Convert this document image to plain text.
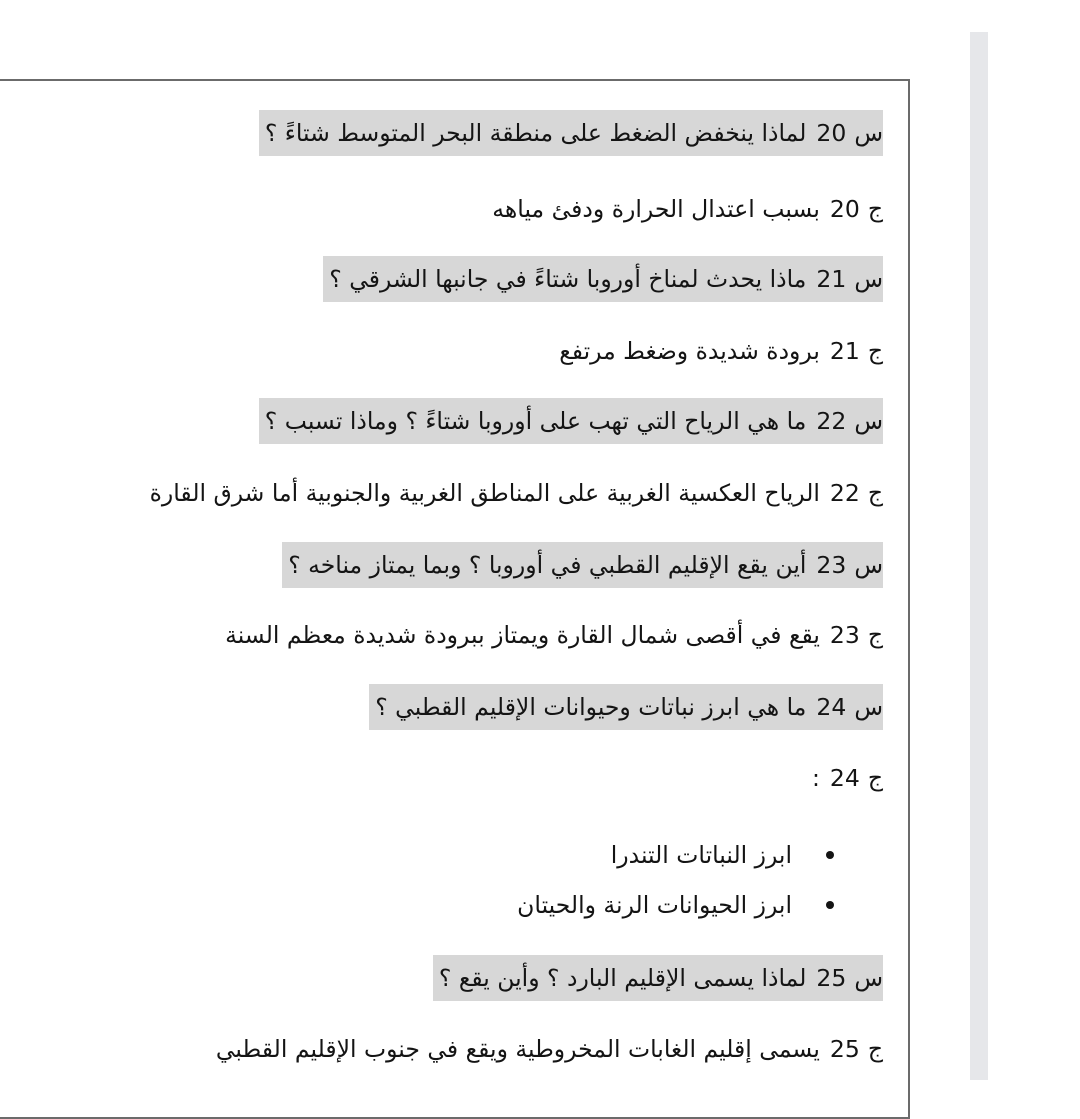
س20لماذا ينخفض الضغط على منطقة البحر المتوسط شتاءً ؟
ج20بسبب اعتدال الحرارة ودفئ مياهه
س21ماذا يحدث لمناخ أوروبا شتاءً في جانبها الشرقي ؟
ج21برودة شديدة وضغط مرتفع
س22ما هي الرياح التي تهب على أوروبا شتاءً ؟ وماذا تسبب ؟
ج22الرياح العكسية الغربية على المناطق الغربية والجنوبية أما شرق القارة
س23أين يقع الإقليم القطبي في أوروبا ؟ وبما يمتاز مناخه ؟
ج23يقع في أقصى شمال القارة ويمتاز ببرودة شديدة معظم السنة
س24ما هي ابرز نباتات وحيوانات الإقليم القطبي ؟
ج24:
ابرز النباتات التندرا
ابرز الحيوانات الرنة والحيتان
س25لماذا يسمى الإقليم البارد ؟ وأين يقع ؟
ج25يسمى إقليم الغابات المخروطية ويقع في جنوب الإقليم القطبي
